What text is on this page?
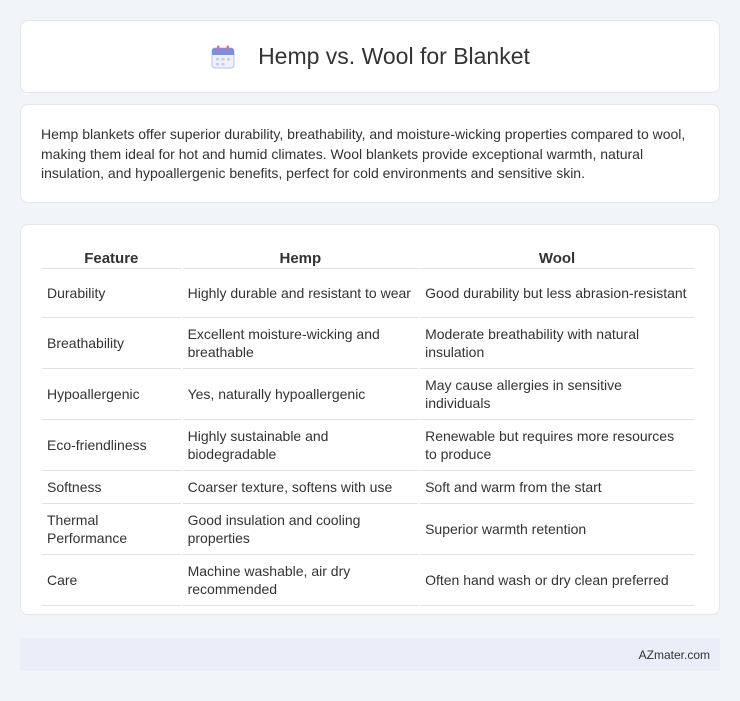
Hemp vs. Wool for Blanket

Hemp blankets offer superior durability, breathability, and moisture-wicking properties compared to wool, making them ideal for hot and humid climates. Wool blankets provide exceptional warmth, natural insulation, and hypoallergenic benefits, perfect for cold environments and sensitive skin.

Feature	Hemp	Wool
Durability	Highly durable and resistant to wear	Good durability but less abrasion-resistant
Breathability	Excellent moisture-wicking and breathable	Moderate breathability with natural insulation
Hypoallergenic	Yes, naturally hypoallergenic	May cause allergies in sensitive individuals
Eco-friendliness	Highly sustainable and biodegradable	Renewable but requires more resources to produce
Softness	Coarser texture, softens with use	Soft and warm from the start
Thermal Performance	Good insulation and cooling properties	Superior warmth retention
Care	Machine washable, air dry recommended	Often hand wash or dry clean preferred
AZmater.com
